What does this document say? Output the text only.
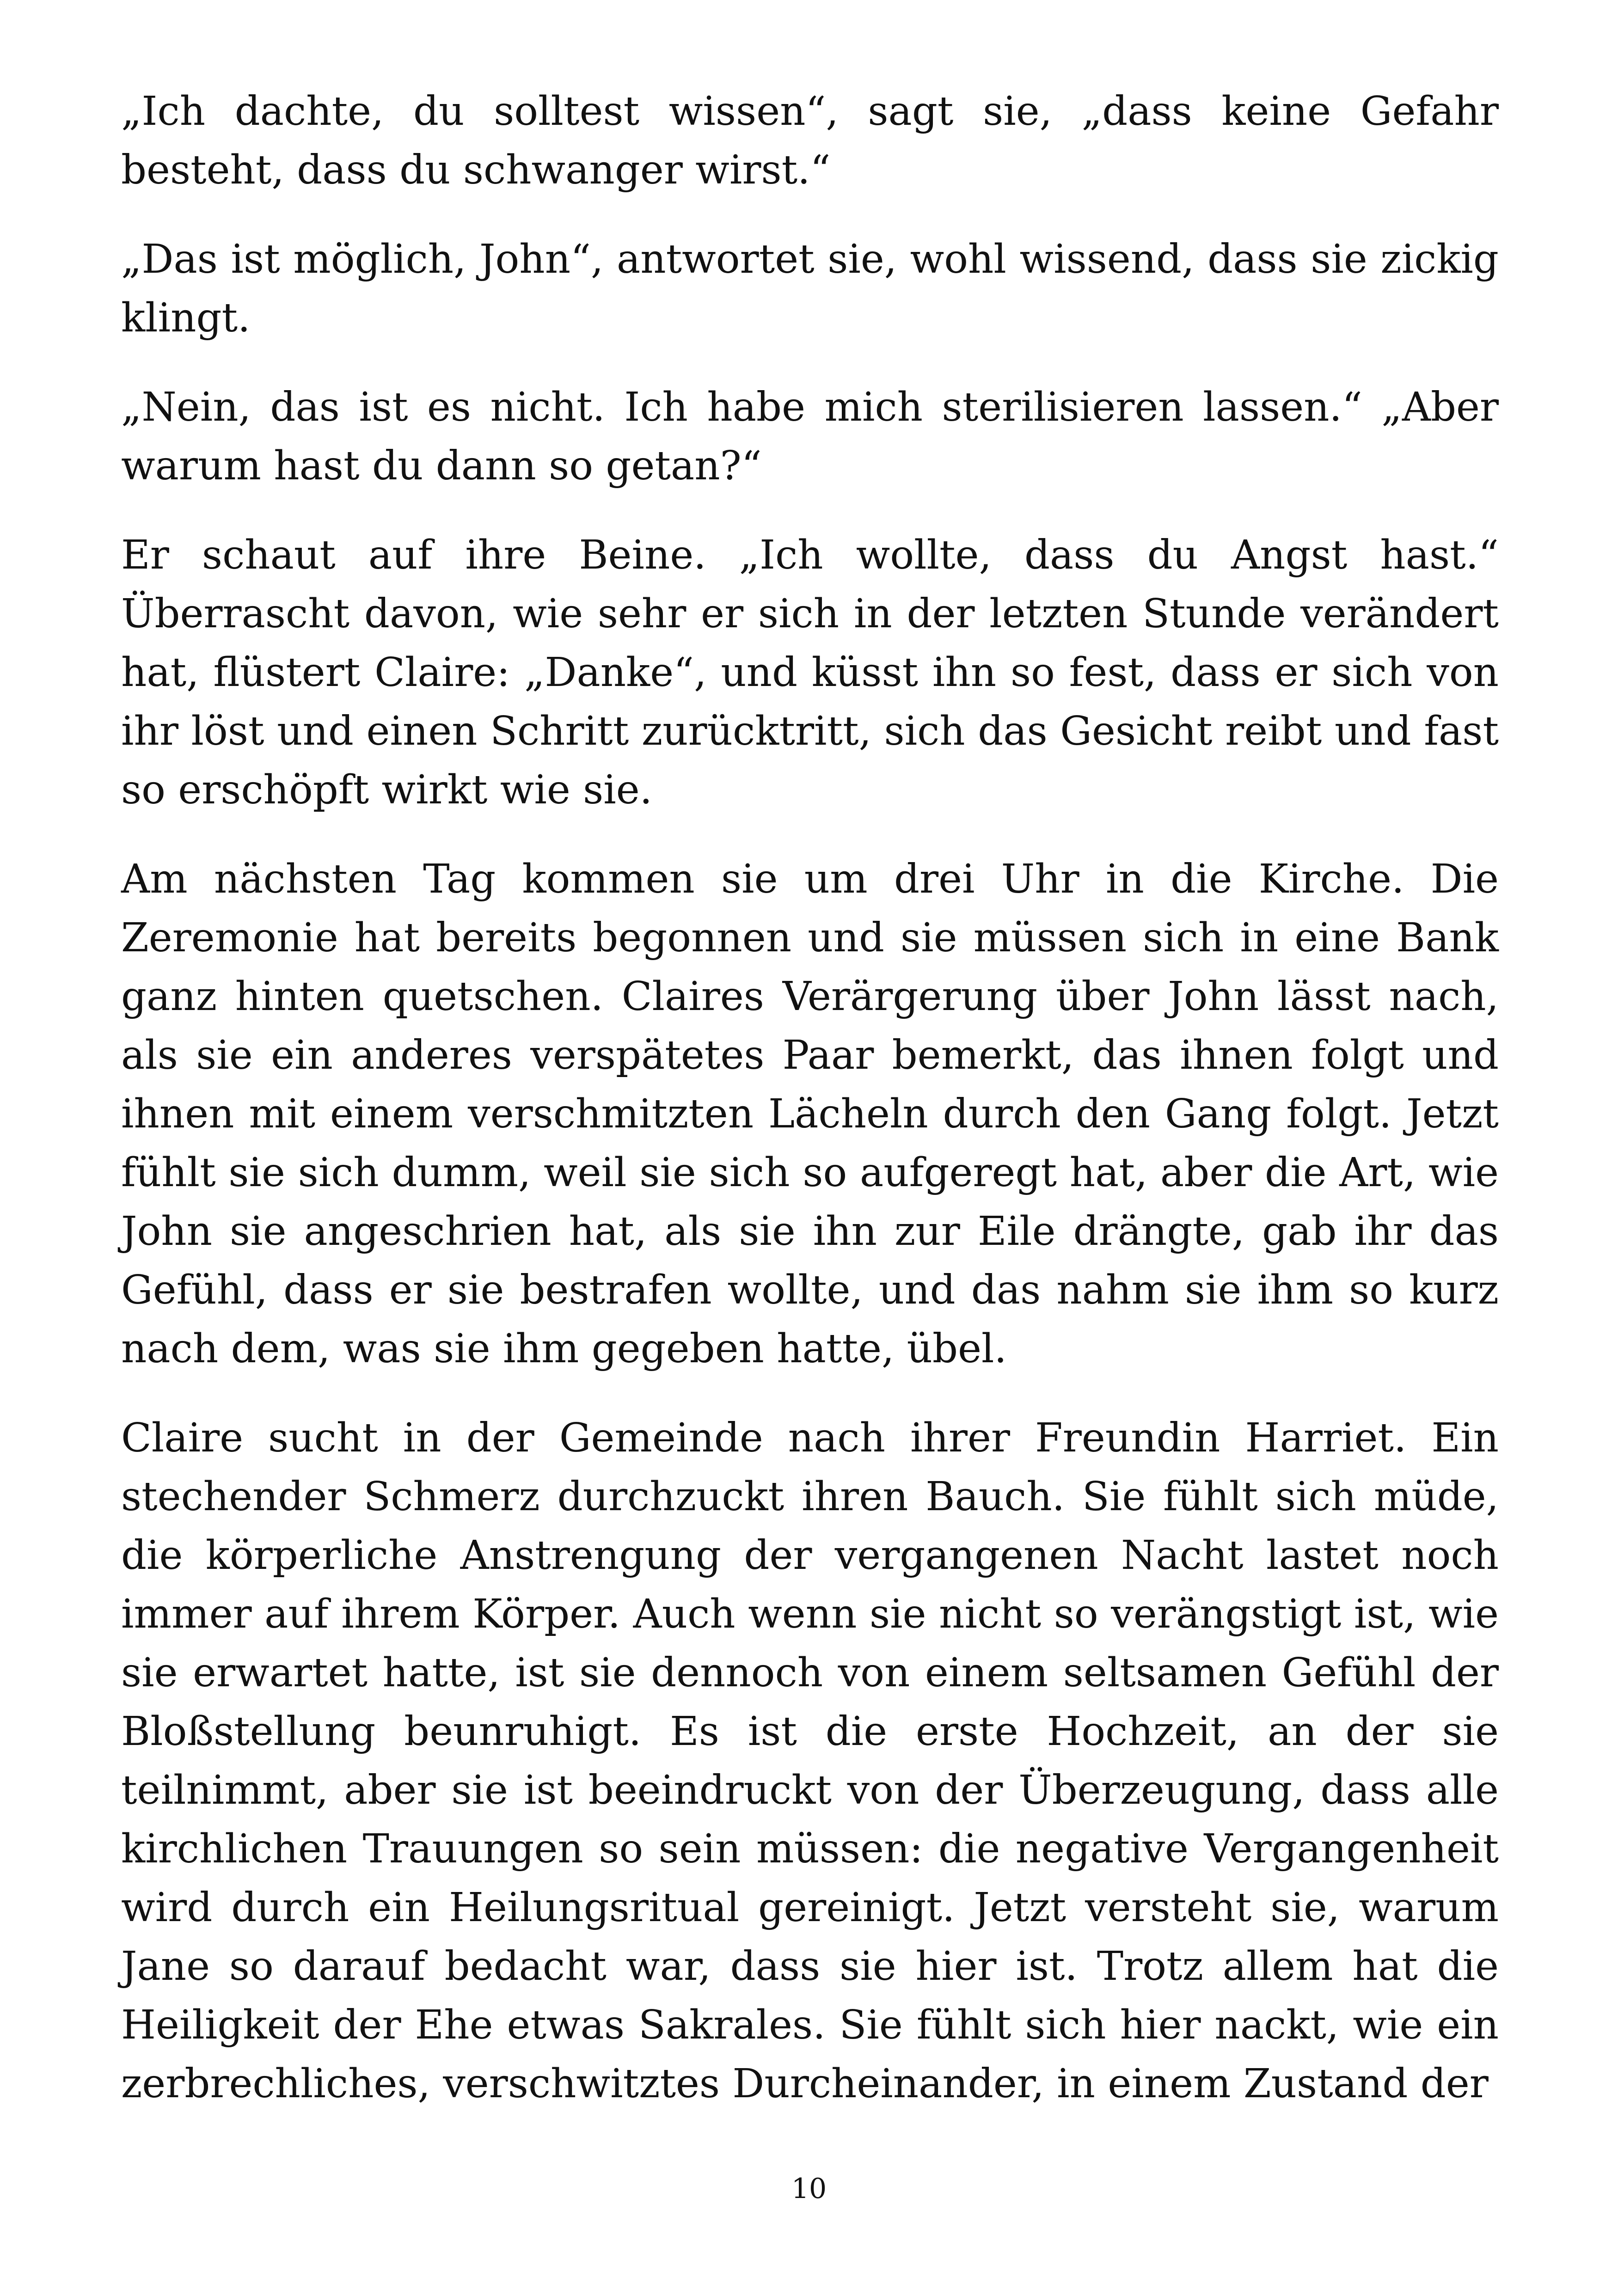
„Ich dachte, du solltest wissen“, sagt sie, „dass keine Gefahr besteht, dass du schwanger wirst.“

„Das ist möglich, John“, antwortet sie, wohl wissend, dass sie zickig klingt.

„Nein, das ist es nicht. Ich habe mich sterilisieren lassen.“ „Aber warum hast du dann so getan?“

Er schaut auf ihre Beine. „Ich wollte, dass du Angst hast.“ Überrascht davon, wie sehr er sich in der letzten Stunde verändert hat, flüstert Claire: „Danke“, und küsst ihn so fest, dass er sich von ihr löst und einen Schritt zurücktritt, sich das Gesicht reibt und fast so erschöpft wirkt wie sie.

Am nächsten Tag kommen sie um drei Uhr in die Kirche. Die Zeremonie hat bereits begonnen und sie müssen sich in eine Bank ganz hinten quetschen. Claires Verärgerung über John lässt nach, als sie ein anderes verspätetes Paar bemerkt, das ihnen folgt und ihnen mit einem verschmitzten Lächeln durch den Gang folgt. Jetzt fühlt sie sich dumm, weil sie sich so aufgeregt hat, aber die Art, wie John sie angeschrien hat, als sie ihn zur Eile drängte, gab ihr das Gefühl, dass er sie bestrafen wollte, und das nahm sie ihm so kurz nach dem, was sie ihm gegeben hatte, übel.

Claire sucht in der Gemeinde nach ihrer Freundin Harriet. Ein stechender Schmerz durchzuckt ihren Bauch. Sie fühlt sich müde, die körperliche Anstrengung der vergangenen Nacht lastet noch immer auf ihrem Körper. Auch wenn sie nicht so verängstigt ist, wie sie erwartet hatte, ist sie dennoch von einem seltsamen Gefühl der Bloßstellung beunruhigt. Es ist die erste Hochzeit, an der sie teilnimmt, aber sie ist beeindruckt von der Überzeugung, dass alle kirchlichen Trauungen so sein müssen: die negative Vergangenheit wird durch ein Heilungsritual gereinigt. Jetzt versteht sie, warum Jane so darauf bedacht war, dass sie hier ist. Trotz allem hat die Heiligkeit der Ehe etwas Sakrales. Sie fühlt sich hier nackt, wie ein zerbrechliches, verschwitztes Durcheinander, in einem Zustand der

10
